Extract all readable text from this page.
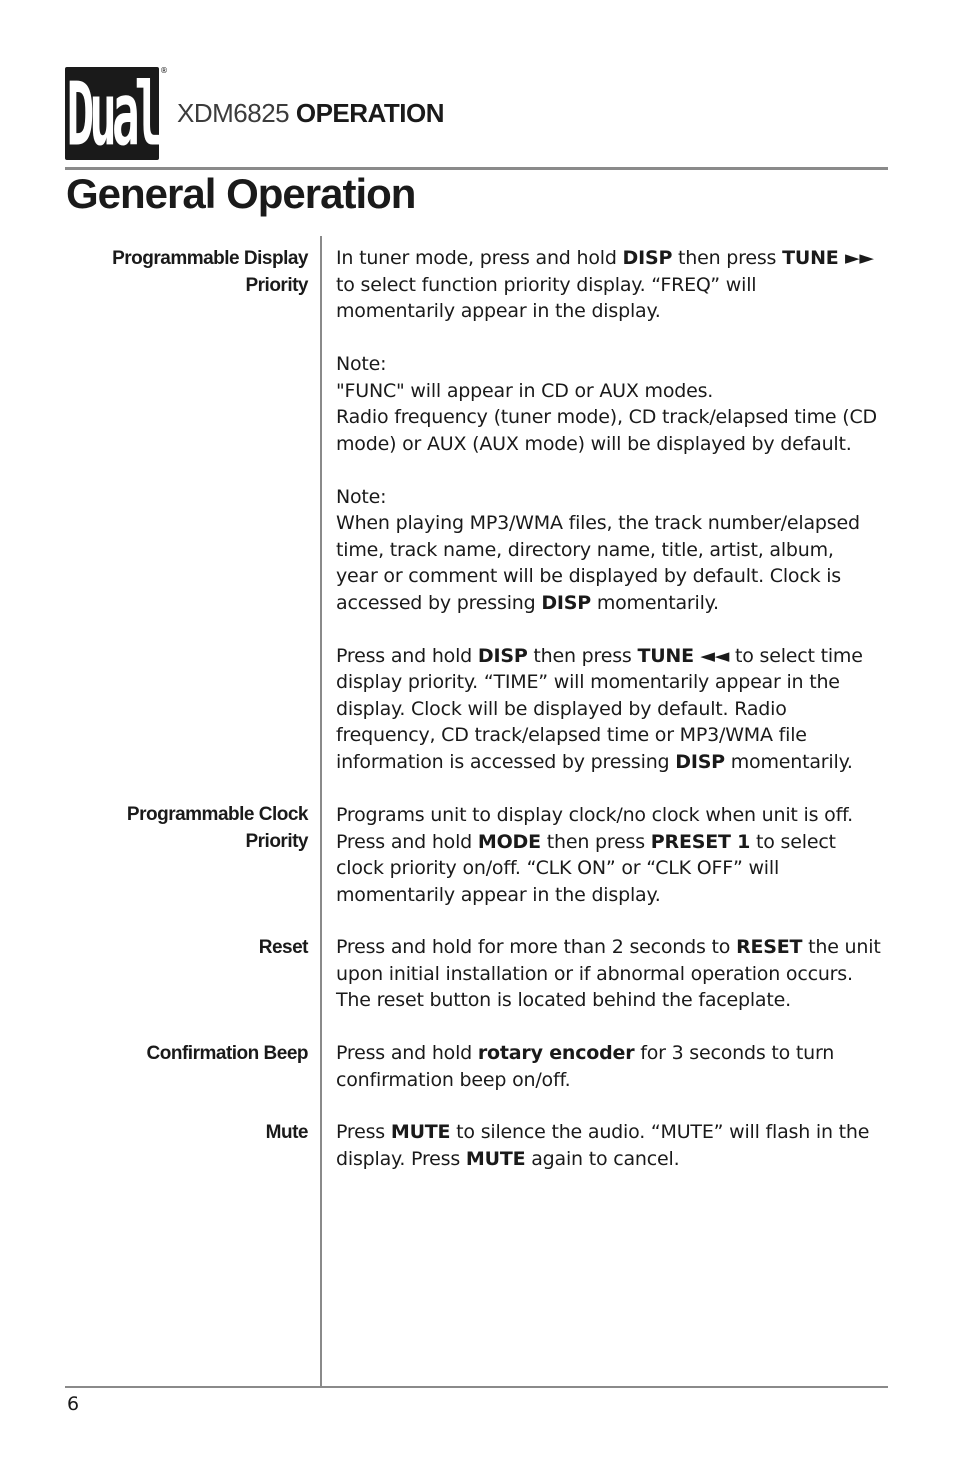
Dual ®
XDM6825 OPERATION
General Operation
Programmable Display
Priority

In tuner mode, press and hold DISP then press TUNE ►► to select function priority display. “FREQ” will momentarily appear in the display.

Note:
"FUNC" will appear in CD or AUX modes.
Radio frequency (tuner mode), CD track/elapsed time (CD mode) or AUX (AUX mode) will be displayed by default.

Note:
When playing MP3/WMA files, the track number/elapsed time, track name, directory name, title, artist, album, year or comment will be displayed by default. Clock is accessed by pressing DISP momentarily.

Press and hold DISP then press TUNE ◄◄ to select time display priority. “TIME” will momentarily appear in the display. Clock will be displayed by default. Radio frequency, CD track/elapsed time or MP3/WMA file information is accessed by pressing DISP momentarily.

Programmable Clock
Priority

Programs unit to display clock/no clock when unit is off. Press and hold MODE then press PRESET 1 to select clock priority on/off. “CLK ON” or “CLK OFF” will momentarily appear in the display.

Reset Press and hold for more than 2 seconds to RESET the unit upon initial installation or if abnormal operation occurs. The reset button is located behind the faceplate.

Confirmation Beep Press and hold rotary encoder for 3 seconds to turn confirmation beep on/off.

Mute Press MUTE to silence the audio. “MUTE” will flash in the display. Press MUTE again to cancel.

6
